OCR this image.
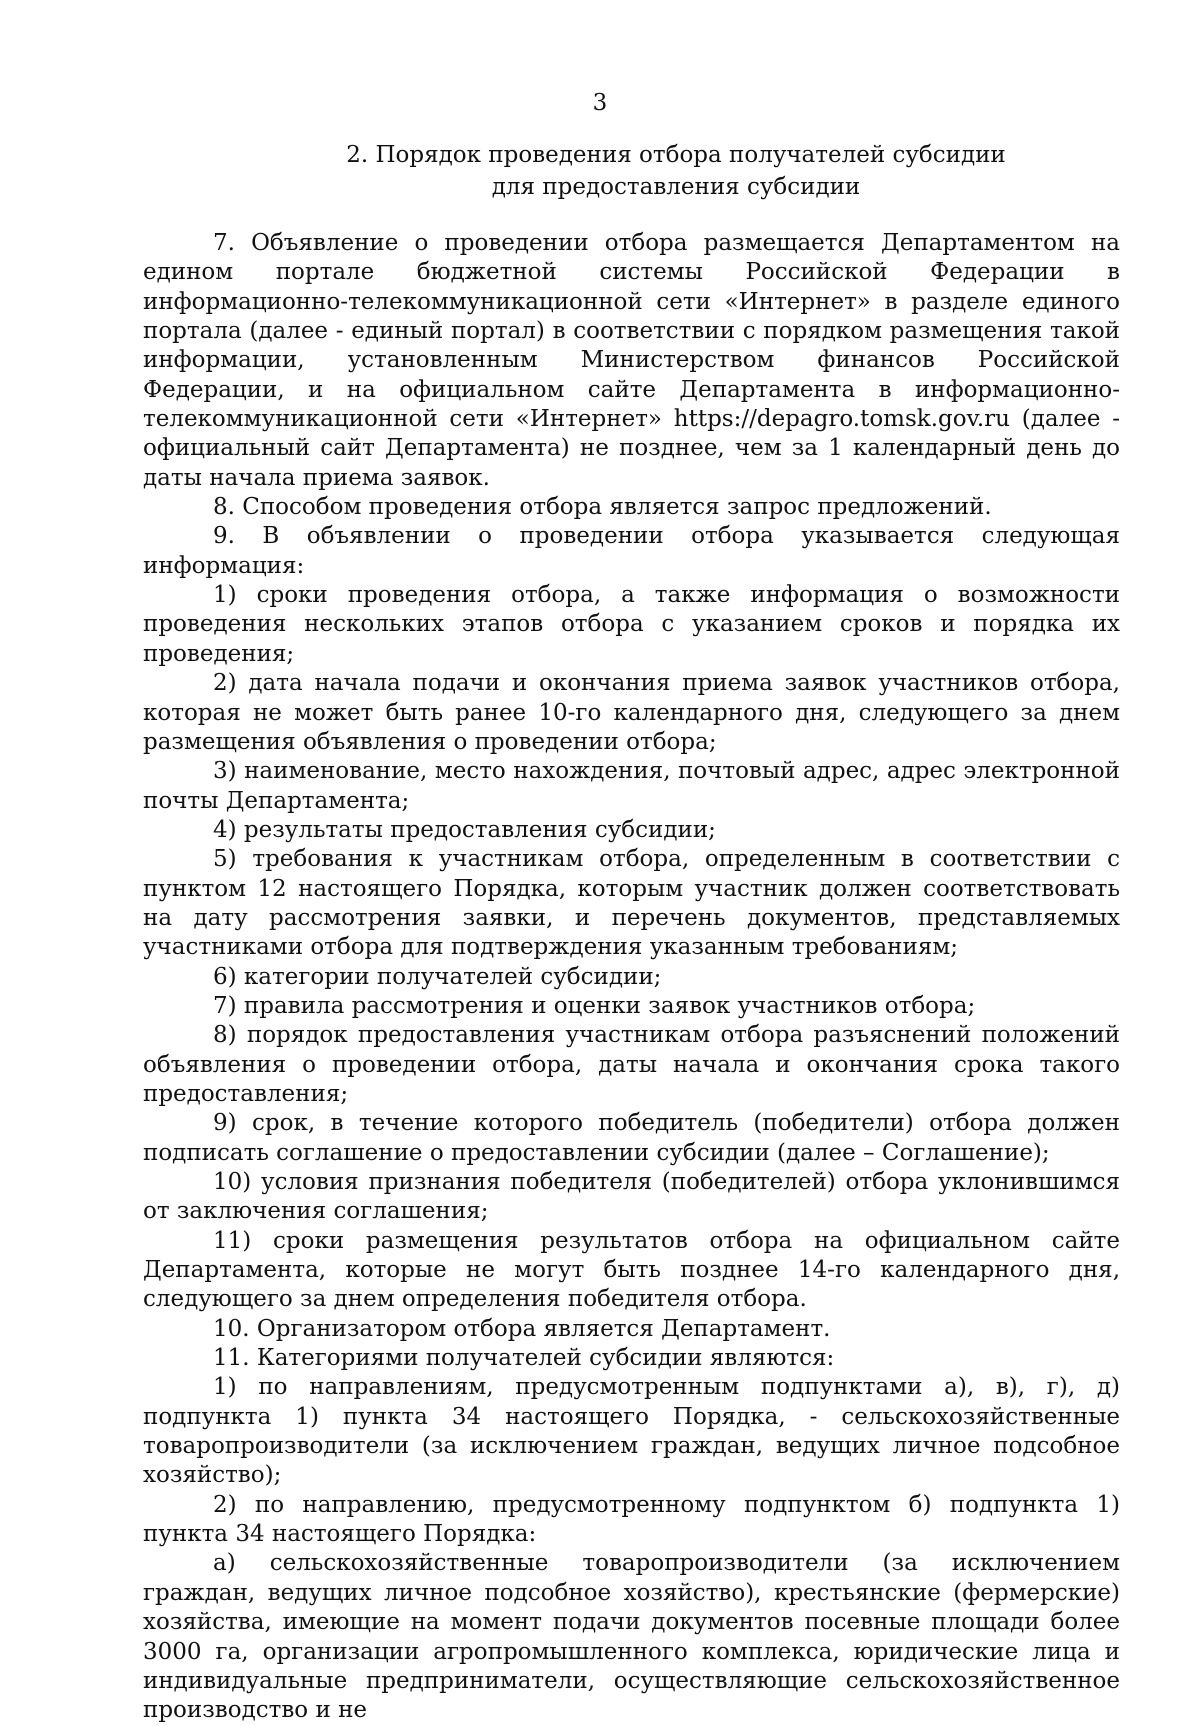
3
2. Порядок проведения отбора получателей субсидии
для предоставления субсидии

7. Объявление о проведении отбора размещается Департаментом на едином портале бюджетной системы Российской Федерации в информационно-телекоммуникационной сети «Интернет» в разделе единого портала (далее - единый портал) в соответствии с порядком размещения такой информации, установленным Министерством финансов Российской Федерации, и на официальном сайте Департамента в информационно-телекоммуникационной сети «Интернет» https://depagro.tomsk.gov.ru (далее - официальный сайт Департамента) не позднее, чем за 1 календарный день до даты начала приема заявок.

8. Способом проведения отбора является запрос предложений.

9. В объявлении о проведении отбора указывается следующая информация:

1) сроки проведения отбора, а также информация о возможности проведения нескольких этапов отбора с указанием сроков и порядка их проведения;

2) дата начала подачи и окончания приема заявок участников отбора, которая не может быть ранее 10-го календарного дня, следующего за днем размещения объявления о проведении отбора;

3) наименование, место нахождения, почтовый адрес, адрес электронной почты Департамента;

4) результаты предоставления субсидии;

5) требования к участникам отбора, определенным в соответствии с пунктом 12 настоящего Порядка, которым участник должен соответствовать на дату рассмотрения заявки, и перечень документов, представляемых участниками отбора для подтверждения указанным требованиям;

6) категории получателей субсидии;

7) правила рассмотрения и оценки заявок участников отбора;

8) порядок предоставления участникам отбора разъяснений положений объявления о проведении отбора, даты начала и окончания срока такого предоставления;

9) срок, в течение которого победитель (победители) отбора должен подписать соглашение о предоставлении субсидии (далее – Соглашение);

10) условия признания победителя (победителей) отбора уклонившимся от заключения соглашения;

11) сроки размещения результатов отбора на официальном сайте Департамента, которые не могут быть позднее 14-го календарного дня, следующего за днем определения победителя отбора.

10. Организатором отбора является Департамент.

11. Категориями получателей субсидии являются:

1) по направлениям, предусмотренным подпунктами а), в), г), д) подпункта 1) пункта 34 настоящего Порядка, - сельскохозяйственные товаропроизводители (за исключением граждан, ведущих личное подсобное хозяйство);

2) по направлению, предусмотренному подпунктом б) подпункта 1) пункта 34 настоящего Порядка:

а) сельскохозяйственные товаропроизводители (за исключением граждан, ведущих личное подсобное хозяйство), крестьянские (фермерские) хозяйства, имеющие на момент подачи документов посевные площади более 3000 га, организации агропромышленного комплекса, юридические лица и индивидуальные предприниматели, осуществляющие сельскохозяйственное производство и не
